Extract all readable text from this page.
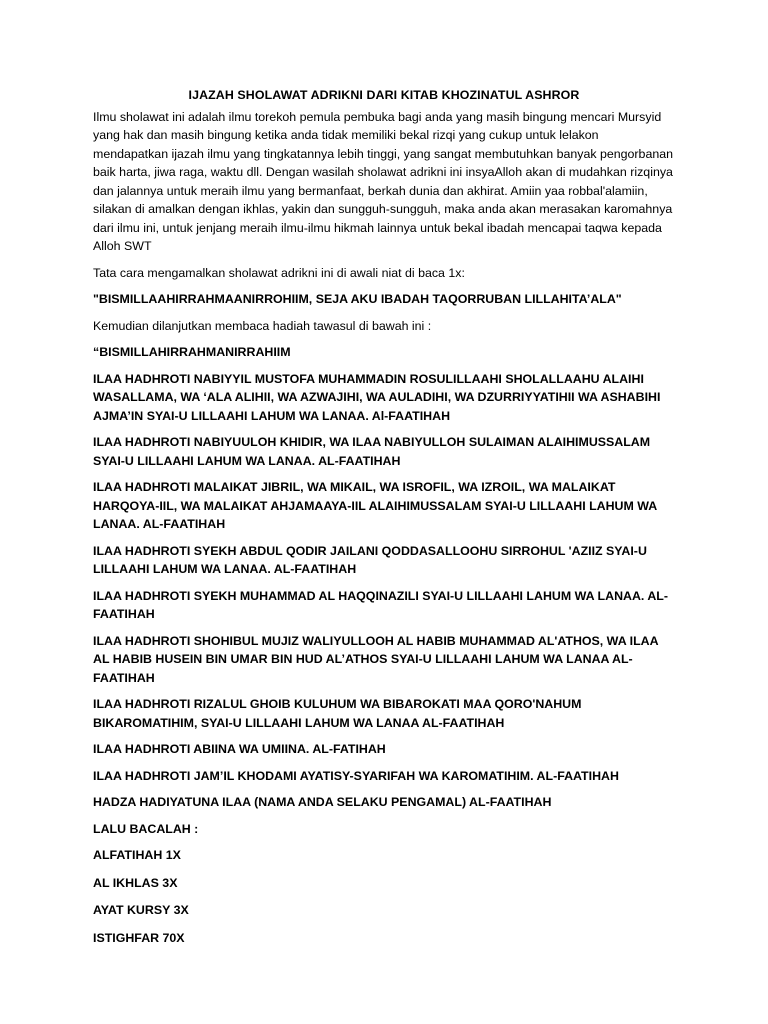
IJAZAH SHOLAWAT ADRIKNI DARI KITAB KHOZINATUL ASHROR
Ilmu sholawat ini adalah ilmu torekoh pemula pembuka bagi anda yang masih bingung mencari Mursyid yang hak dan masih bingung ketika anda tidak memiliki bekal rizqi yang cukup untuk lelakon mendapatkan ijazah ilmu yang tingkatannya lebih tinggi, yang sangat membutuhkan banyak pengorbanan baik harta, jiwa raga, waktu dll. Dengan wasilah sholawat adrikni ini insyaAlloh akan di mudahkan rizqinya dan jalannya untuk meraih ilmu yang bermanfaat, berkah dunia dan akhirat. Amiin yaa robbal'alamiin, silakan di amalkan dengan ikhlas, yakin dan sungguh-sungguh, maka anda akan merasakan karomahnya dari ilmu ini, untuk jenjang meraih ilmu-ilmu hikmah lainnya untuk bekal ibadah mencapai taqwa kepada Alloh SWT
Tata cara mengamalkan sholawat adrikni ini di awali niat di baca 1x:
"BISMILLAAHIRRAHMAANIRROHIIM, SEJA AKU IBADAH TAQORRUBAN LILLAHITA’ALA"
Kemudian dilanjutkan membaca hadiah tawasul di bawah ini :
“BISMILLAHIRRAHMANIRRAHIIM
ILAA HADHROTI NABIYYIL MUSTOFA MUHAMMADIN ROSULILLAAHI SHOLALLAAHU ALAIHI WASALLAMA, WA ‘ALA ALIHII, WA AZWAJIHI, WA AULADIHI, WA DZURRIYYATIHII WA ASHABIHI AJMA’IN SYAI-U LILLAAHI LAHUM WA LANAA. Al-FAATIHAH
ILAA HADHROTI NABIYUULOH KHIDIR, WA ILAA NABIYULLOH SULAIMAN ALAIHIMUSSALAM SYAI-U LILLAAHI LAHUM WA LANAA. AL-FAATIHAH
ILAA HADHROTI MALAIKAT JIBRIL, WA MIKAIL, WA ISROFIL, WA IZROIL, WA MALAIKAT HARQOYA-IIL, WA MALAIKAT AHJAMAAYA-IIL ALAIHIMUSSALAM SYAI-U LILLAAHI LAHUM WA LANAA. AL-FAATIHAH
ILAA HADHROTI SYEKH ABDUL QODIR JAILANI QODDASALLOOHU SIRROHUL 'AZIIZ SYAI-U LILLAAHI LAHUM WA LANAA. AL-FAATIHAH
ILAA HADHROTI SYEKH MUHAMMAD AL HAQQINAZILI SYAI-U LILLAAHI LAHUM WA LANAA. AL-FAATIHAH
ILAA HADHROTI SHOHIBUL MUJIZ WALIYULLOOH AL HABIB MUHAMMAD AL'ATHOS, WA ILAA AL HABIB HUSEIN BIN UMAR BIN HUD AL’ATHOS SYAI-U LILLAAHI LAHUM WA LANAA AL-FAATIHAH
ILAA HADHROTI RIZALUL GHOIB KULUHUM WA BIBAROKATI MAA QORO'NAHUM BIKAROMATIHIM, SYAI-U LILLAAHI LAHUM WA LANAA AL-FAATIHAH
ILAA HADHROTI ABIINA WA UMIINA. AL-FATIHAH
ILAA HADHROTI JAM’IL KHODAMI AYATISY-SYARIFAH WA KAROMATIHIM. AL-FAATIHAH
HADZA HADIYATUNA ILAA (NAMA ANDA SELAKU PENGAMAL) AL-FAATIHAH
LALU BACALAH :
ALFATIHAH 1X
AL IKHLAS 3X
AYAT KURSY 3X
ISTIGHFAR 70X
